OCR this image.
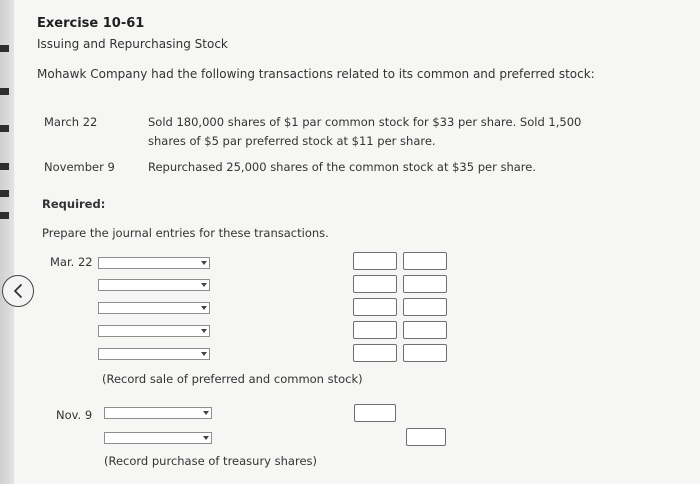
Exercise 10-61
Issuing and Repurchasing Stock
Mohawk Company had the following transactions related to its common and preferred stock:
March 22	Sold 180,000 shares of $1 par common stock for $33 per share. Sold 1,500
shares of $5 par preferred stock at $11 per share.
November 9	Repurchased 25,000 shares of the common stock at $35 per share.
Required:
Prepare the journal entries for these transactions.
Mar. 22
(Record sale of preferred and common stock)
Nov. 9
(Record purchase of treasury shares)
